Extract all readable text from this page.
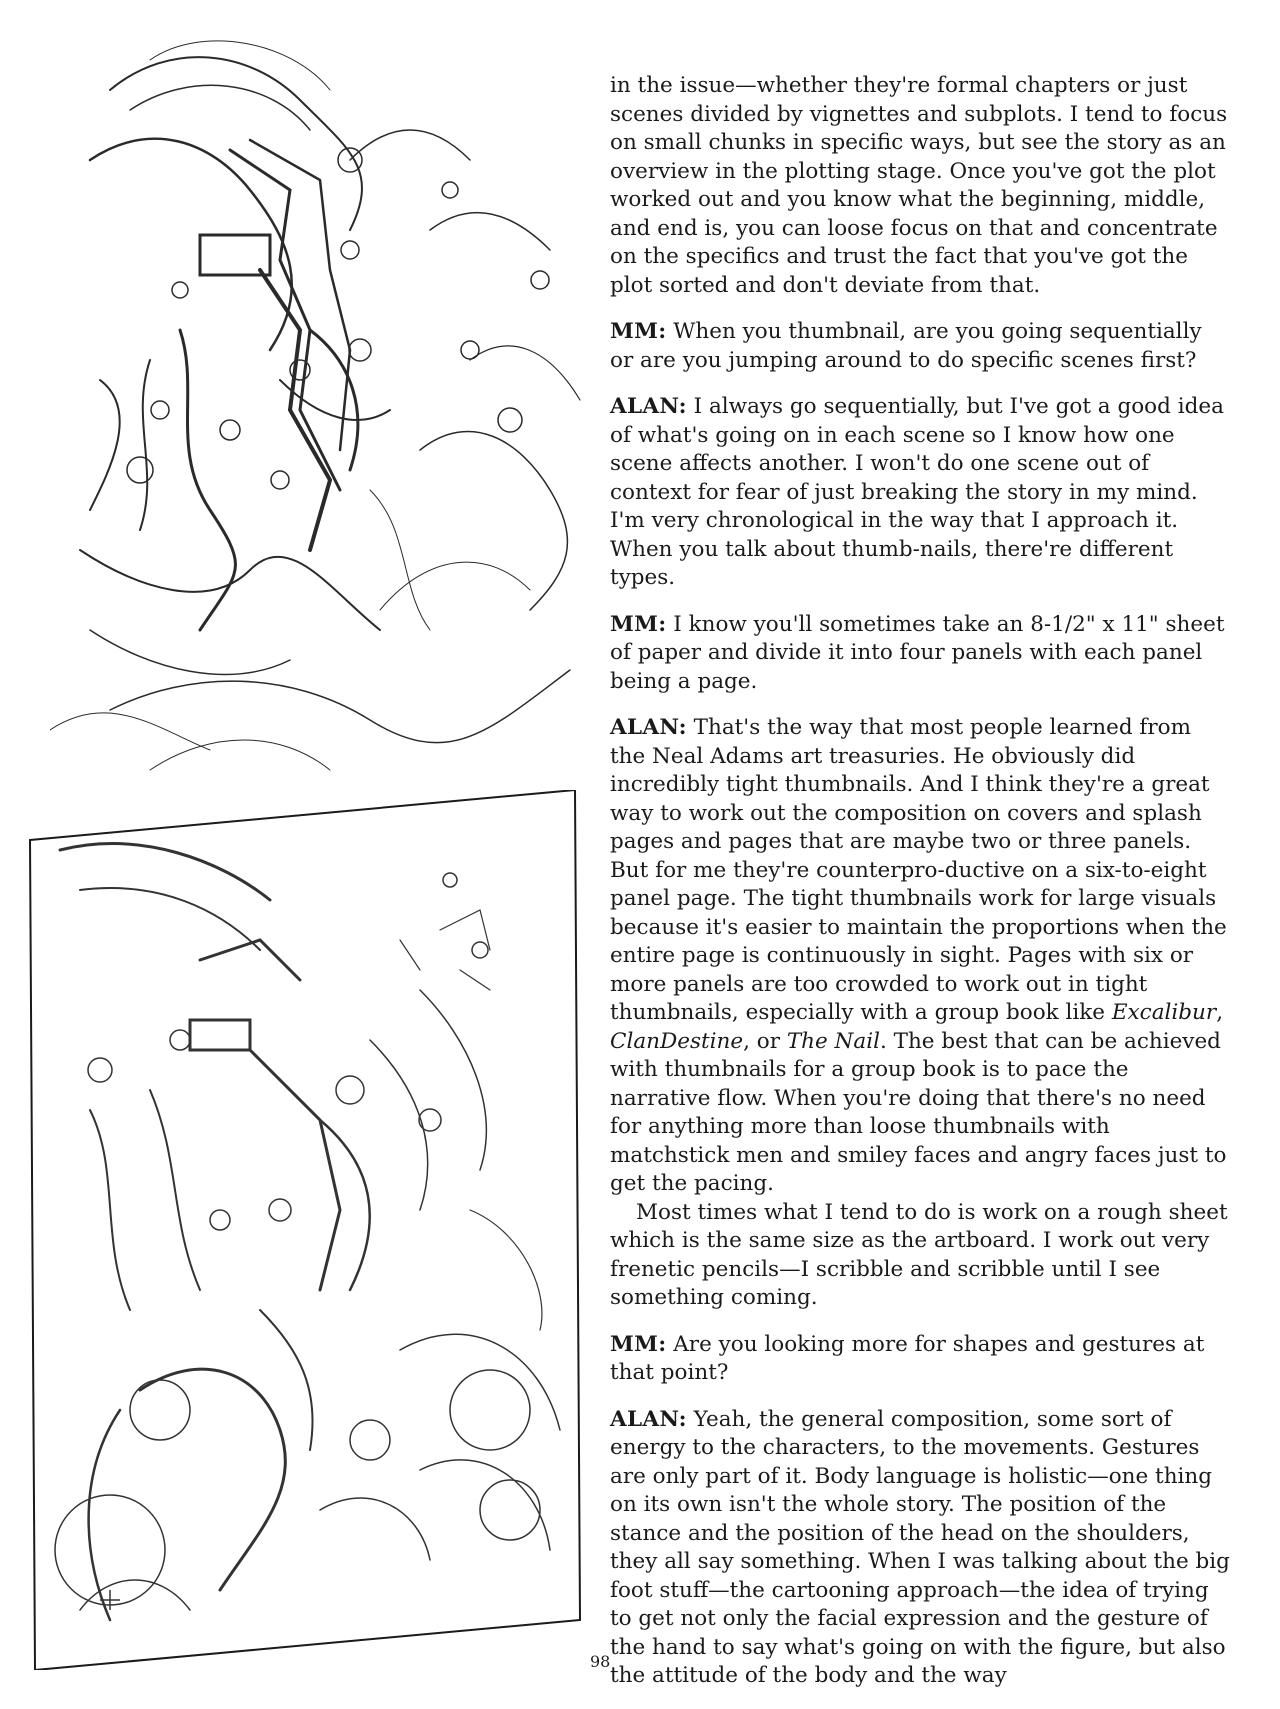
in the issue—whether they're formal chapters or just scenes divided by vignettes and subplots. I tend to focus on small chunks in specific ways, but see the story as an overview in the plotting stage. Once you've got the plot worked out and you know what the beginning, middle, and end is, you can loose focus on that and concentrate on the specifics and trust the fact that you've got the plot sorted and don't deviate from that.

MM: When you thumbnail, are you going sequentially or are you jumping around to do specific scenes first?

ALAN: I always go sequentially, but I've got a good idea of what's going on in each scene so I know how one scene affects another. I won't do one scene out of context for fear of just breaking the story in my mind. I'm very chronological in the way that I approach it. When you talk about thumb-nails, there're different types.

MM: I know you'll sometimes take an 8-1/2" x 11" sheet of paper and divide it into four panels with each panel being a page.

ALAN: That's the way that most people learned from the Neal Adams art treasuries. He obviously did incredibly tight thumbnails. And I think they're a great way to work out the composition on covers and splash pages and pages that are maybe two or three panels. But for me they're counterpro-ductive on a six-to-eight panel page. The tight thumbnails work for large visuals because it's easier to maintain the proportions when the entire page is continuously in sight. Pages with six or more panels are too crowded to work out in tight thumbnails, especially with a group book like Excalibur, ClanDestine, or The Nail. The best that can be achieved with thumbnails for a group book is to pace the narrative flow. When you're doing that there's no need for anything more than loose thumbnails with matchstick men and smiley faces and angry faces just to get the pacing.

Most times what I tend to do is work on a rough sheet which is the same size as the artboard. I work out very frenetic pencils—I scribble and scribble until I see something coming.

MM: Are you looking more for shapes and gestures at that point?

ALAN: Yeah, the general composition, some sort of energy to the characters, to the movements. Gestures are only part of it. Body language is holistic—one thing on its own isn't the whole story. The position of the stance and the position of the head on the shoulders, they all say something. When I was talking about the big foot stuff—the cartooning approach—the idea of trying to get not only the facial expression and the gesture of the hand to say what's going on with the figure, but also the attitude of the body and the way

98
